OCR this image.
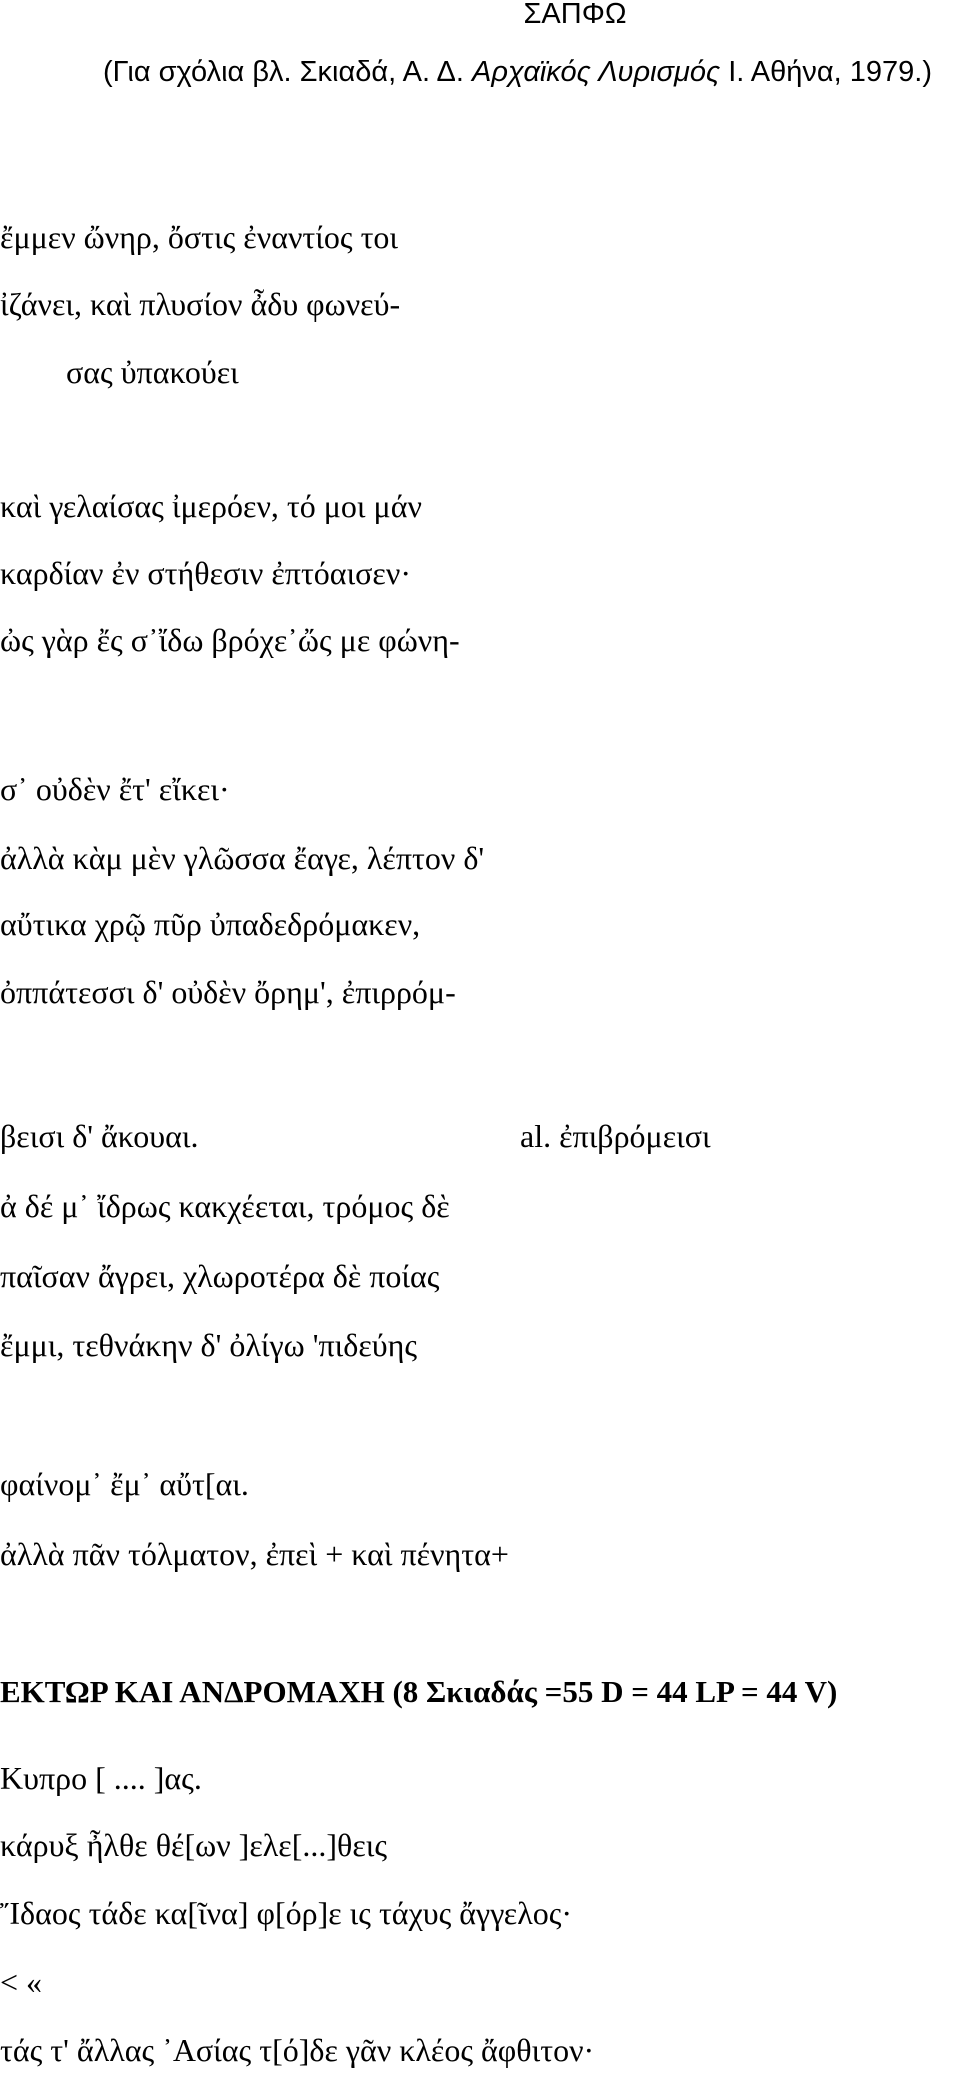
ΣΑΠΦΩ
(Για σχόλια βλ. Σκιαδά, Α. Δ. Αρχαϊκός Λυρισμός Ι. Αθήνα, 1979.)
ἔμμεν ὤνηρ, ὄστις ἐναντίος τοι
ἰζάνει, καὶ πλυσίον ἆδυ φωνεύ-
σας ὐπακούει
καὶ γελαίσας ἰμερόεν, τό μοι μάν
καρδίαν ἐν στήθεσιν ἐπτόαισεν·
ὠς γὰρ ἔς σ᾽ἴδω βρόχε᾽ὤς με φώνη-
σ᾽ οὐδὲν ἔτ' εἴκει·
ἀλλὰ κὰμ μὲν γλῶσσα ἔαγε, λέπτον δ'
αὔτικα χρῷ πῦρ ὐπαδεδρόμακεν,
ὀππάτεσσι δ' οὐδὲν ὄρημ', ἐπιρρόμ-
βεισι δ' ἄκουαι.	al. ἐπιβρόμεισι
ἀ δέ μ᾽ ἴδρως κακχέεται, τρόμος δὲ
παῖσαν ἄγρει, χλωροτέρα δὲ ποίας
ἔμμι, τεθνάκην δ' ὀλίγω 'πιδεύης
φαίνομ᾽ ἔμ᾽ αὔτ[αι.
ἀλλὰ πᾶν τόλματον, ἐπεὶ + καὶ πένητα+
ΕΚΤΩΡ ΚΑΙ ΑΝΔΡΟΜΑΧΗ (8 Σκιαδάς =55 D = 44 LP = 44 V)
Κυπρο [ .... ]ας.
κάρυξ ἦλθε θέ[ων ]ελε[...]θεις
Ἴδαος τάδε κα[ῖνα] φ[όρ]ε ις τάχυς ἄγγελος·
< «
τάς τ' ἄλλας ᾿Ασίας τ[ό]δε γᾶν κλέος ἄφθιτον·
